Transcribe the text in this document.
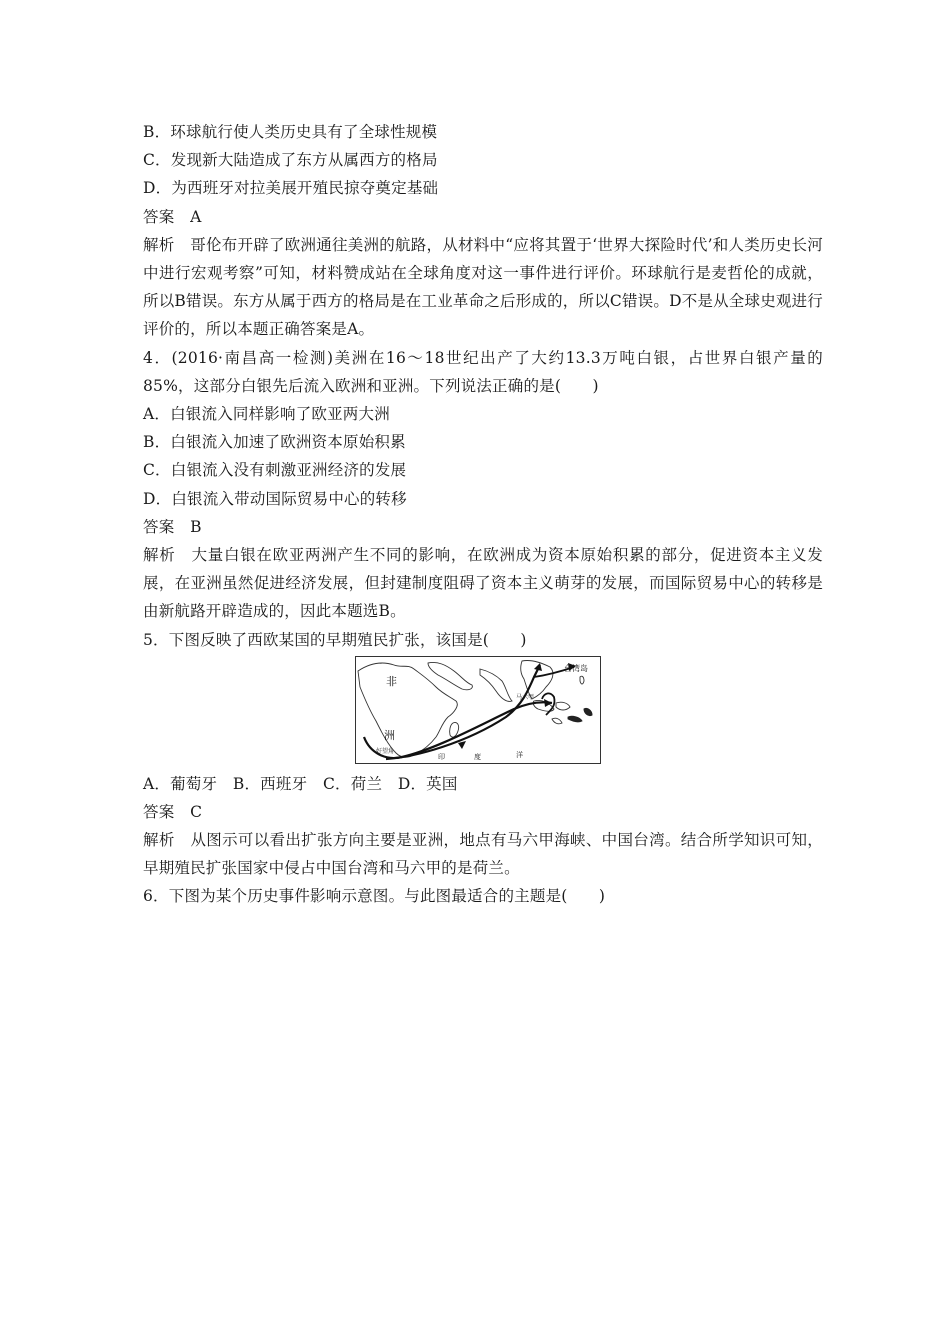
B．环球航行使人类历史具有了全球性规模
C．发现新大陆造成了东方从属西方的格局
D．为西班牙对拉美展开殖民掠夺奠定基础
答案　A
解析　哥伦布开辟了欧洲通往美洲的航路，从材料中“应将其置于‘世界大探险时代’和人类历史长河中进行宏观考察”可知，材料赞成站在全球角度对这一事件进行评价。环球航行是麦哲伦的成就，所以B错误。东方从属于西方的格局是在工业革命之后形成的，所以C错误。D不是从全球史观进行评价的，所以本题正确答案是A。
4．(2016·南昌高一检测)美洲在16～18世纪出产了大约13.3万吨白银，占世界白银产量的85%，这部分白银先后流入欧洲和亚洲。下列说法正确的是(　　)
A．白银流入同样影响了欧亚两大洲
B．白银流入加速了欧洲资本原始积累
C．白银流入没有刺激亚洲经济的发展
D．白银流入带动国际贸易中心的转移
答案　B
解析　大量白银在欧亚两洲产生不同的影响，在欧洲成为资本原始积累的部分，促进资本主义发展，在亚洲虽然促进经济发展，但封建制度阻碍了资本主义萌芽的发展，而国际贸易中心的转移是由新航路开辟造成的，因此本题选B。
5．下图反映了西欧某国的早期殖民扩张，该国是(　　)
非
洲
台湾岛
马六甲
好望角
印	度	洋
A．葡萄牙　B．西班牙　C．荷兰　D．英国
答案　C
解析　从图示可以看出扩张方向主要是亚洲，地点有马六甲海峡、中国台湾。结合所学知识可知，早期殖民扩张国家中侵占中国台湾和马六甲的是荷兰。
6．下图为某个历史事件影响示意图。与此图最适合的主题是(　　)
